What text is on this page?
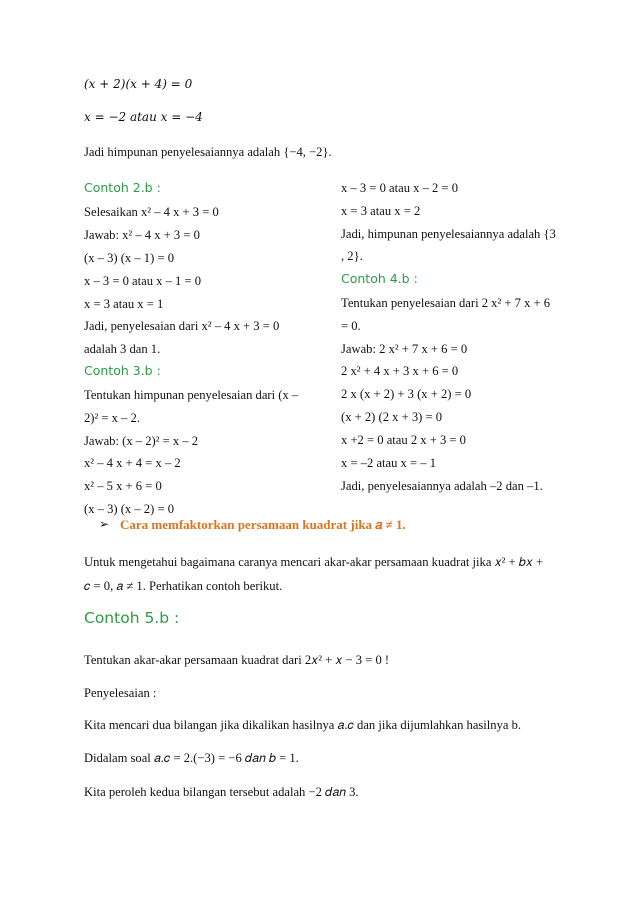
(𝑥 + 2)(𝑥 + 4) = 0
𝑥 = −2 𝑎𝑡𝑎𝑢 𝑥 = −4
Jadi himpunan penyelesaiannya adalah {−4, −2}.
Contoh 2.b :
Selesaikan x² – 4 x + 3 = 0
Jawab: x² – 4 x + 3 = 0
(x – 3) (x – 1) = 0
x – 3 = 0 atau x – 1 = 0
x = 3 atau x = 1
Jadi, penyelesaian dari x² – 4 x + 3 = 0
adalah 3 dan 1.
Contoh 3.b :
Tentukan himpunan penyelesaian dari (x –
2)² = x – 2.
Jawab: (x – 2)² = x – 2
x² – 4 x + 4 = x – 2
x² – 5 x + 6 = 0
(x – 3) (x – 2) = 0
x – 3 = 0 atau x – 2 = 0
x = 3 atau x = 2
Jadi, himpunan penyelesaiannya adalah {3
, 2}.
Contoh 4.b :
Tentukan penyelesaian dari 2 x² + 7 x + 6
= 0.
Jawab: 2 x² + 7 x + 6 = 0
2 x² + 4 x + 3 x + 6 = 0
2 x (x + 2) + 3 (x + 2) = 0
(x + 2) (2 x + 3) = 0
x +2 = 0 atau 2 x + 3 = 0
x = –2 atau x = – 1
Jadi, penyelesaiannya adalah –2 dan –1.
➢ Cara memfaktorkan persamaan kuadrat jika 𝑎 ≠ 1.
Untuk mengetahui bagaimana caranya mencari akar-akar persamaan kuadrat jika 𝑥² + 𝑏𝑥 +
𝑐 = 0, 𝑎 ≠ 1. Perhatikan contoh berikut.
Contoh 5.b :
Tentukan akar-akar persamaan kuadrat dari 2𝑥² + 𝑥 − 3 = 0 !
Penyelesaian :
Kita mencari dua bilangan jika dikalikan hasilnya 𝑎.𝑐 dan jika dijumlahkan hasilnya b.
Didalam soal 𝑎.𝑐 = 2.(−3) = −6 𝑑𝑎𝑛 𝑏 = 1.
Kita peroleh kedua bilangan tersebut adalah −2 𝑑𝑎𝑛 3.
